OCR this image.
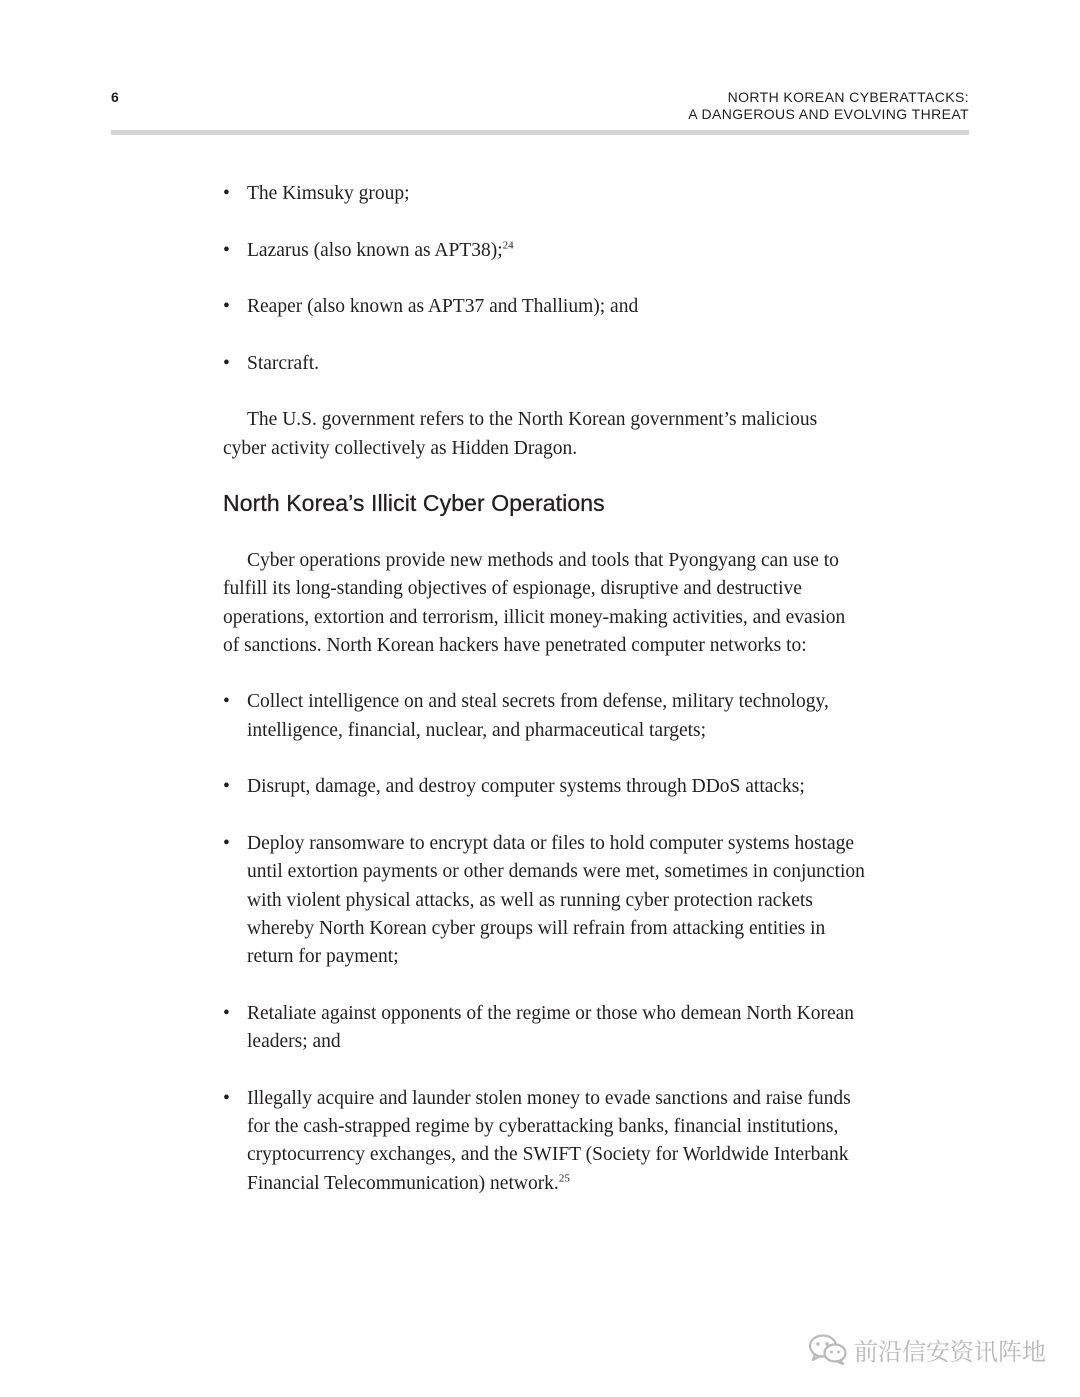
6	NORTH KOREAN CYBERATTACKS:
A DANGEROUS AND EVOLVING THREAT
• The Kimsuky group;
• Lazarus (also known as APT38);$^{24}$
• Reaper (also known as APT37 and Thallium); and
• Starcraft.

The U.S. government refers to the North Korean government’s malicious cyber activity collectively as Hidden Dragon.

North Korea’s Illicit Cyber Operations

Cyber operations provide new methods and tools that Pyongyang can use to fulfill its long-standing objectives of espionage, disruptive and destructive operations, extortion and terrorism, illicit money-making activities, and evasion of sanctions. North Korean hackers have penetrated computer networks to:

• Collect intelligence on and steal secrets from defense, military technology, intelligence, financial, nuclear, and pharmaceutical targets;
• Disrupt, damage, and destroy computer systems through DDoS attacks;
• Deploy ransomware to encrypt data or files to hold computer systems hostage until extortion payments or other demands were met, sometimes in conjunction with violent physical attacks, as well as running cyber protection rackets whereby North Korean cyber groups will refrain from attacking entities in return for payment;
• Retaliate against opponents of the regime or those who demean North Korean leaders; and
• Illegally acquire and launder stolen money to evade sanctions and raise funds for the cash-strapped regime by cyberattacking banks, financial institutions, cryptocurrency exchanges, and the SWIFT (Society for Worldwide Interbank Financial Telecommunication) network.$^{25}$
前沿信安资讯阵地
